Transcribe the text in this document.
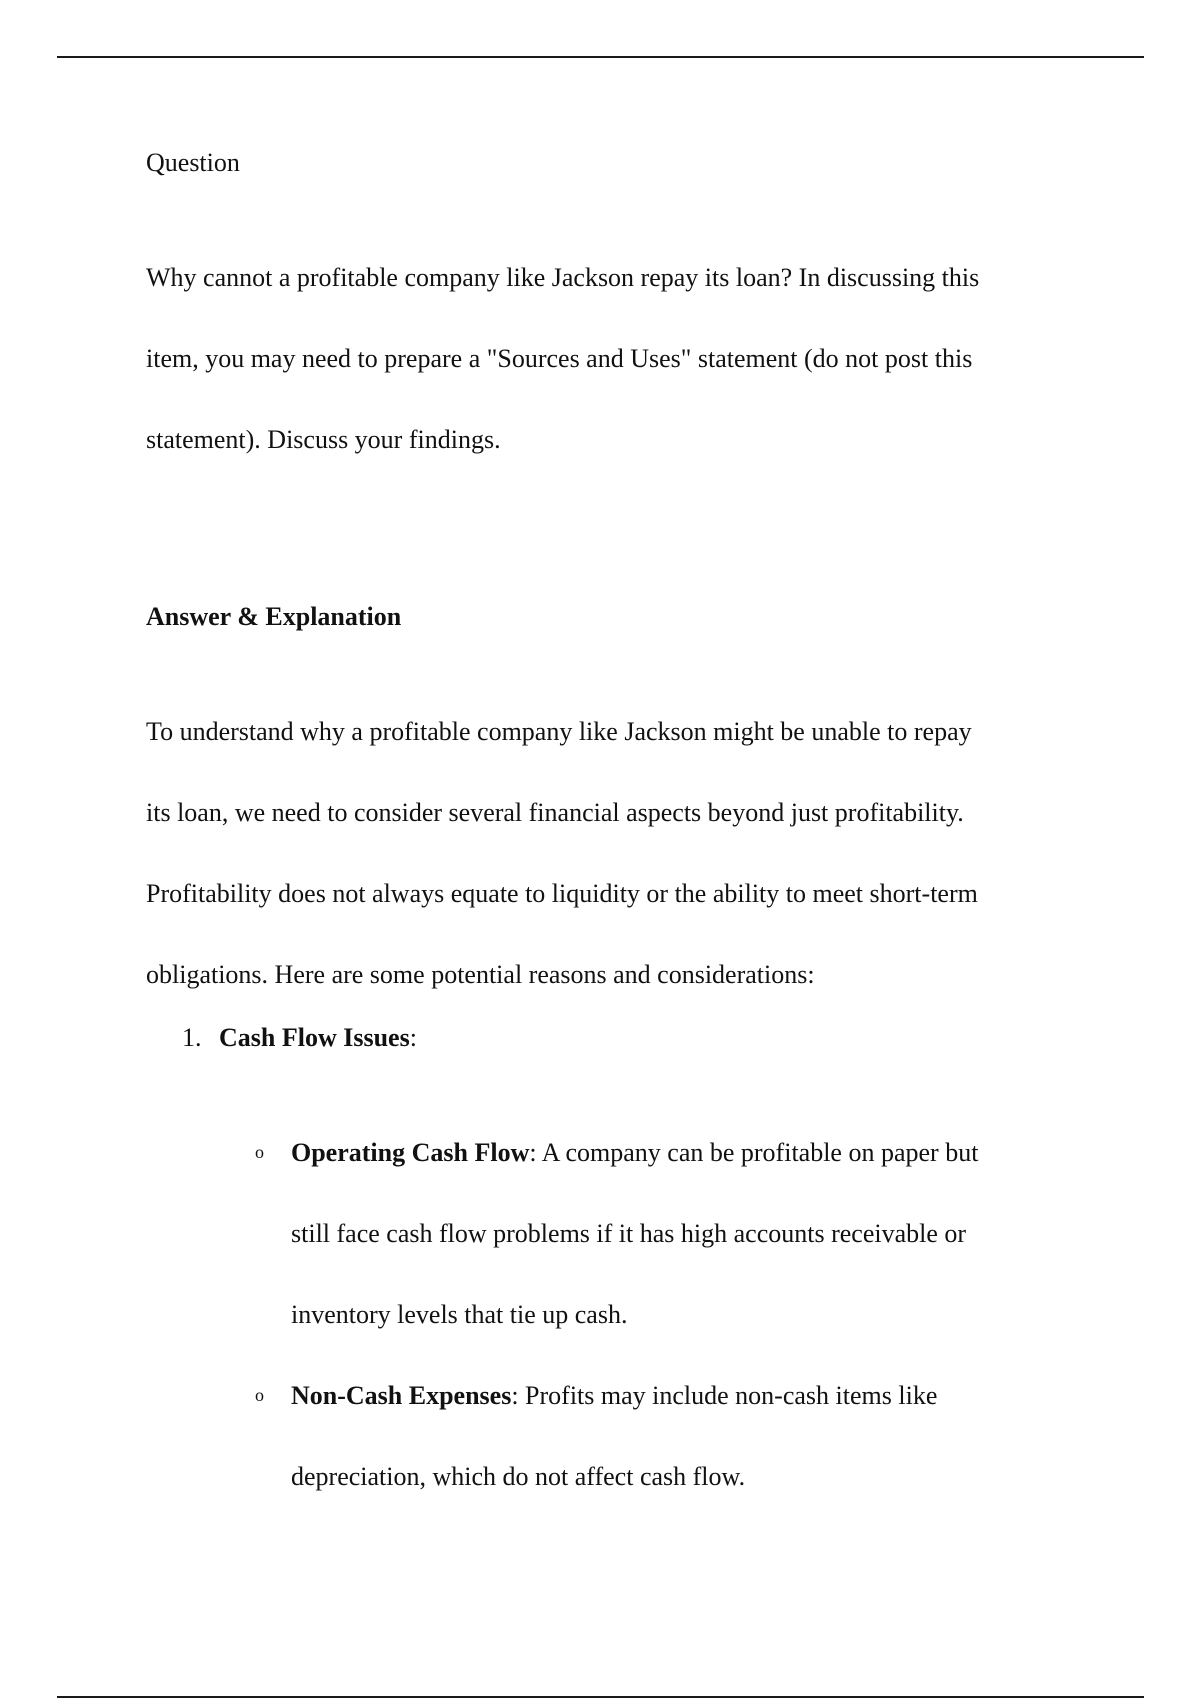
Question
Why cannot a profitable company like Jackson repay its loan? In discussing this
item, you may need to prepare a "Sources and Uses" statement (do not post this
statement). Discuss your findings.
Answer & Explanation
To understand why a profitable company like Jackson might be unable to repay
its loan, we need to consider several financial aspects beyond just profitability.
Profitability does not always equate to liquidity or the ability to meet short-term
obligations. Here are some potential reasons and considerations:
1. Cash Flow Issues:
o Operating Cash Flow: A company can be profitable on paper but
still face cash flow problems if it has high accounts receivable or
inventory levels that tie up cash.
o Non-Cash Expenses: Profits may include non-cash items like
depreciation, which do not affect cash flow.
